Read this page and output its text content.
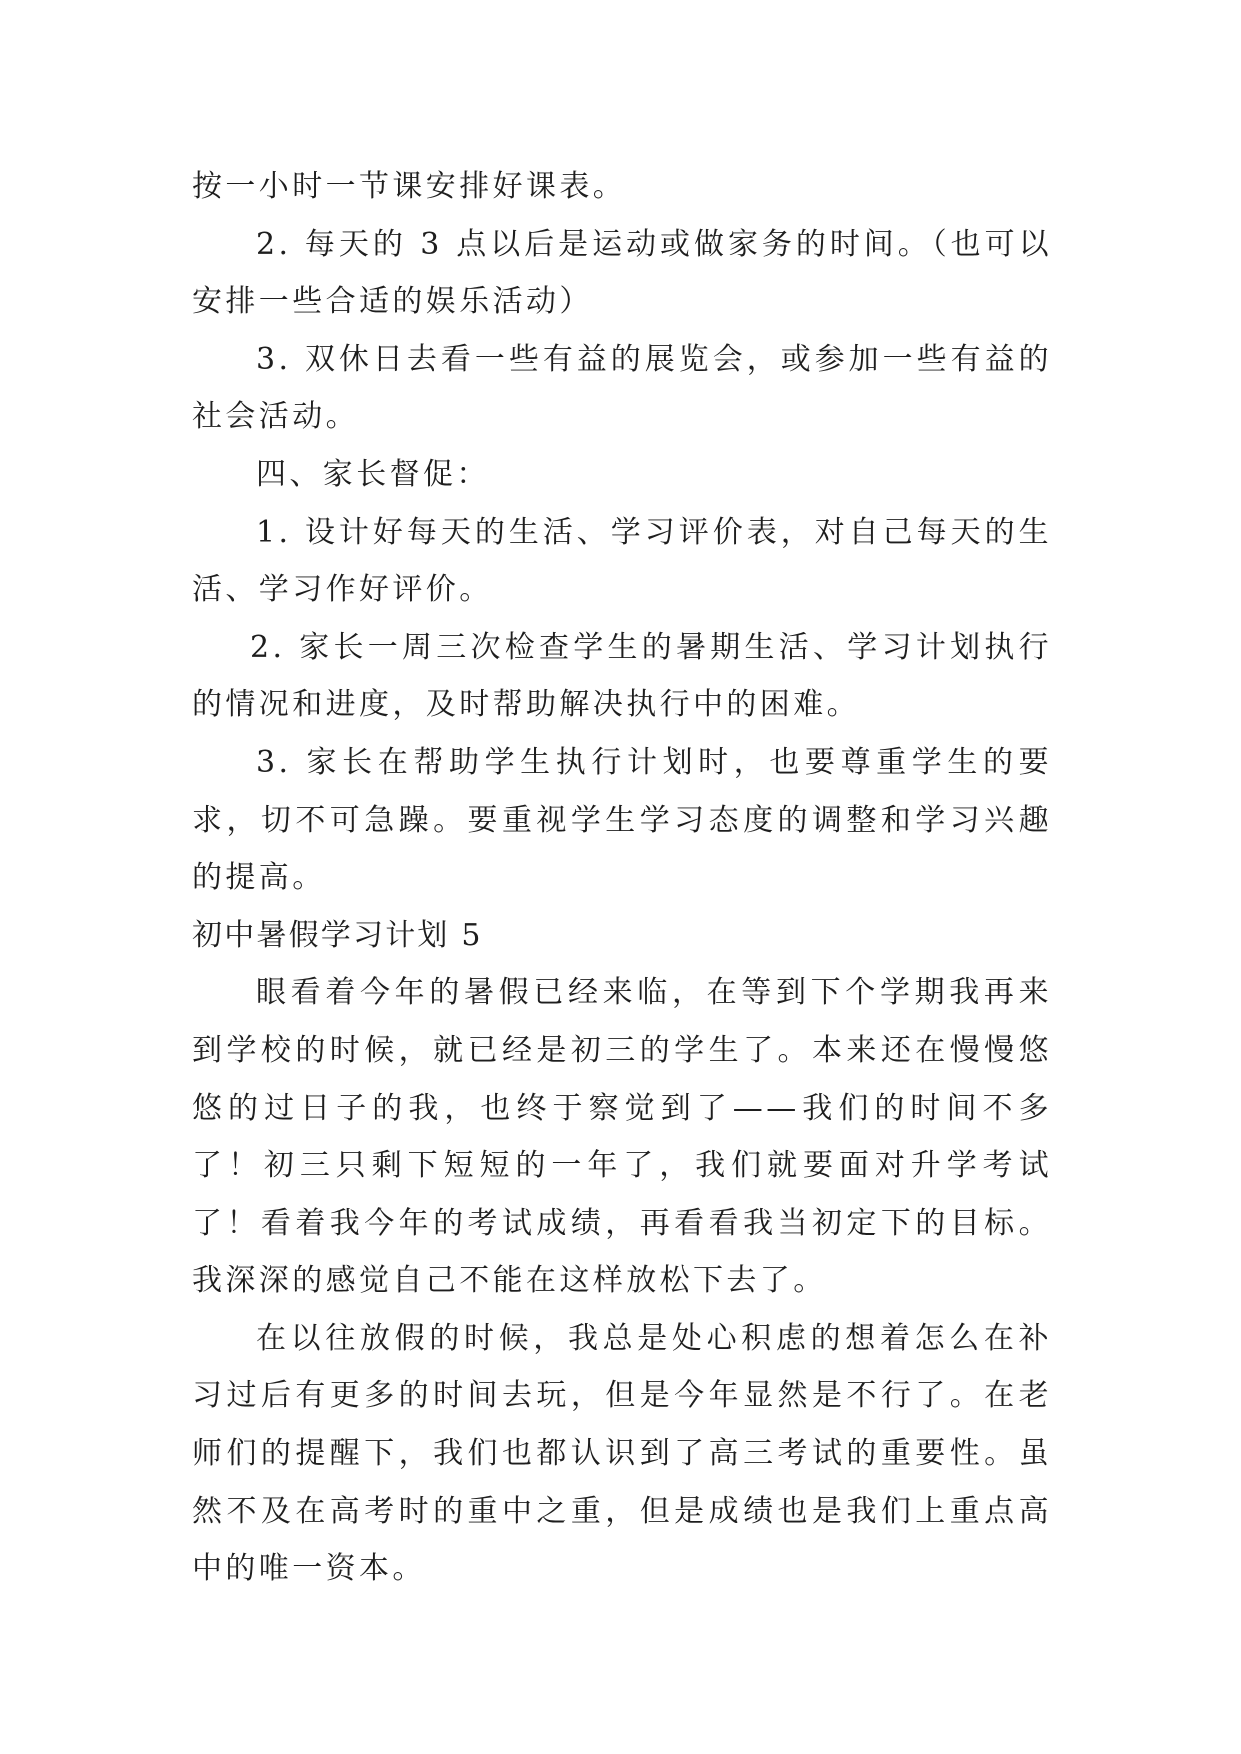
按一小时一节课安排好课表。

2. 每天的 3 点以后是运动或做家务的时间。（也可以安排一些合适的娱乐活动）

3. 双休日去看一些有益的展览会，或参加一些有益的社会活动。

四、家长督促：

1. 设计好每天的生活、学习评价表，对自己每天的生活、学习作好评价。

2. 家长一周三次检查学生的暑期生活、学习计划执行的情况和进度，及时帮助解决执行中的困难。

3. 家长在帮助学生执行计划时，也要尊重学生的要求，切不可急躁。要重视学生学习态度的调整和学习兴趣的提高。

初中暑假学习计划 5

眼看着今年的暑假已经来临，在等到下个学期我再来到学校的时候，就已经是初三的学生了。本来还在慢慢悠悠的过日子的我，也终于察觉到了——我们的时间不多了！初三只剩下短短的一年了，我们就要面对升学考试了！看着我今年的考试成绩，再看看我当初定下的目标。我深深的感觉自己不能在这样放松下去了。

在以往放假的时候，我总是处心积虑的想着怎么在补习过后有更多的时间去玩，但是今年显然是不行了。在老师们的提醒下，我们也都认识到了高三考试的重要性。虽然不及在高考时的重中之重，但是成绩也是我们上重点高中的唯一资本。
